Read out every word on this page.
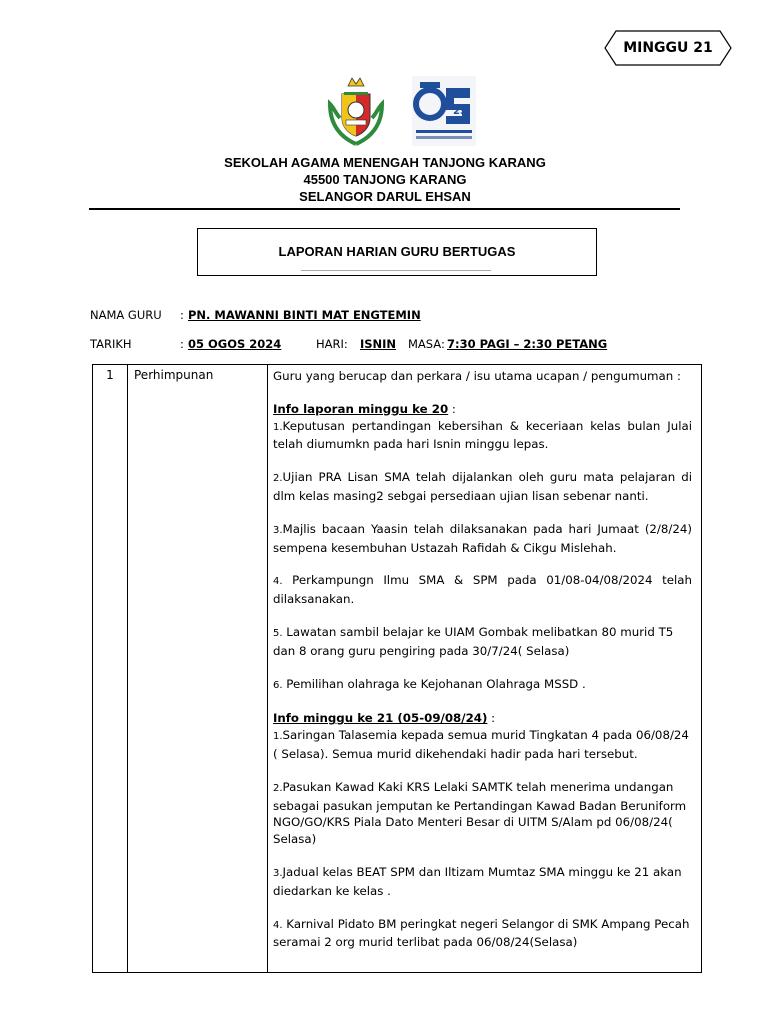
MINGGU 21
25
SEKOLAH AGAMA MENENGAH TANJONG KARANG
45500 TANJONG KARANG
SELANGOR DARUL EHSAN
LAPORAN HARIAN GURU BERTUGAS
NAMA GURU : PN. MAWANNI BINTI MAT ENGTEMIN
TARIKH	: 05 OGOS 2024	HARI:	ISNIN	MASA: 7:30 PAGI – 2:30 PETANG
1	Perhimpunan	Guru yang berucap dan perkara / isu utama ucapan / pengumuman :

Info laporan minggu ke 20 :

1.Keputusan pertandingan kebersihan & keceriaan kelas bulan Julai telah diumumkn pada hari Isnin minggu lepas.

2.Ujian PRA Lisan SMA telah dijalankan oleh guru mata pelajaran di dlm kelas masing2 sebgai persediaan ujian lisan sebenar nanti.

3.Majlis bacaan Yaasin telah dilaksanakan pada hari Jumaat (2/8/24) sempena kesembuhan Ustazah Rafidah & Cikgu Mislehah.

4. Perkampungn Ilmu SMA & SPM pada 01/08-04/08/2024 telah dilaksanakan.

5. Lawatan sambil belajar ke UIAM Gombak melibatkan 80 murid T5 dan 8 orang guru pengiring pada 30/7/24( Selasa)

6. Pemilihan olahraga ke Kejohanan Olahraga MSSD .

Info minggu ke 21 (05-09/08/24) :

1.Saringan Talasemia kepada semua murid Tingkatan 4 pada 06/08/24 ( Selasa). Semua murid dikehendaki hadir pada hari tersebut.

2.Pasukan Kawad Kaki KRS Lelaki SAMTK telah menerima undangan sebagai pasukan jemputan ke Pertandingan Kawad Badan Beruniform NGO/GO/KRS Piala Dato Menteri Besar di UITM S/Alam pd 06/08/24( Selasa)

3.Jadual kelas BEAT SPM dan Iltizam Mumtaz SMA minggu ke 21 akan diedarkan ke kelas .

4. Karnival Pidato BM peringkat negeri Selangor di SMK Ampang Pecah seramai 2 org murid terlibat pada 06/08/24(Selasa)
